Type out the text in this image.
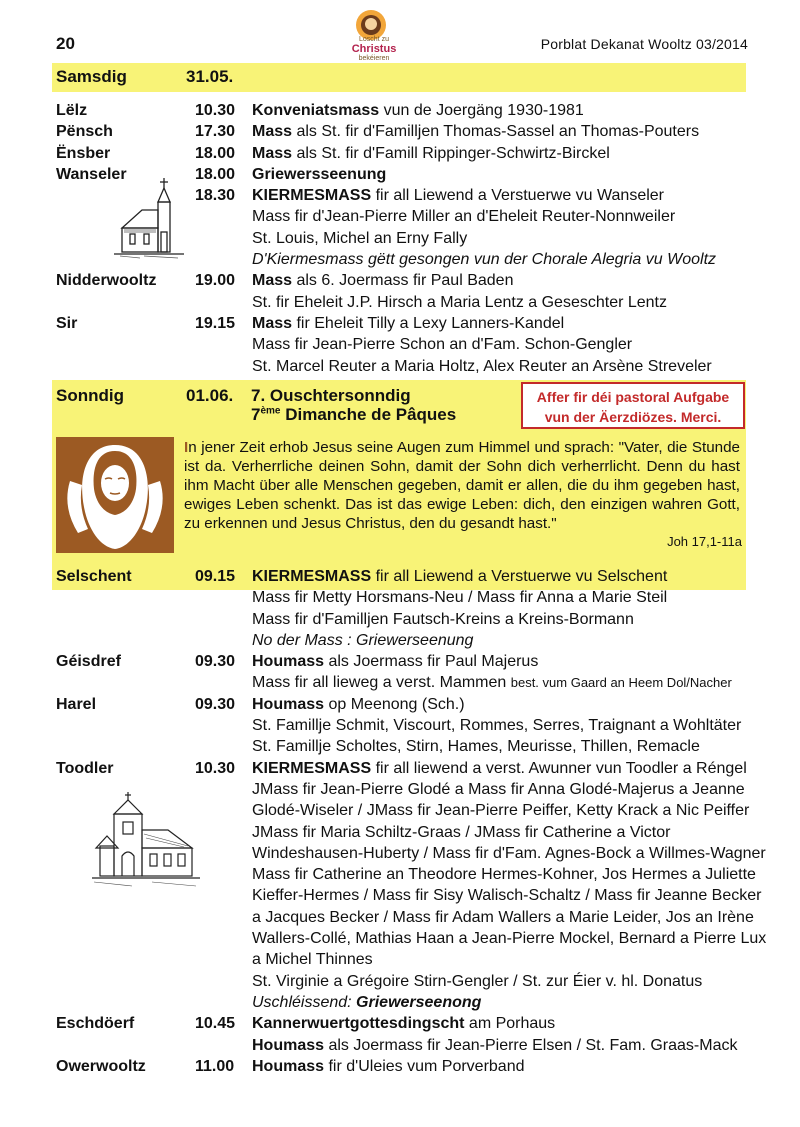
20	Loscht zu
Christus
bekéieren
Porblat Dekanat Wooltz 03/2014
Samsdig	31.05.
Lëlz	10.30 Konveniatsmass vun de Joergäng 1930-1981
Pënsch	17.30 Mass als St. fir d'Familljen Thomas-Sassel an Thomas-Pouters
Ënsber	18.00 Mass als St. fir d'Famill Rippinger-Schwirtz-Birckel
Wanseler	18.00 Griewersseenung
18.30 KIERMESMASS fir all Liewend a Verstuerwe vu Wanseler
Mass fir d'Jean-Pierre Miller an d'Eheleit Reuter-Nonnweiler
St. Louis, Michel an Erny Fally
D'Kiermesmass gëtt gesongen vun der Chorale Alegria vu Wooltz
Nidderwooltz 19.00 Mass als 6. Joermass fir Paul Baden
St. fir Eheleit J.P. Hirsch a Maria Lentz a Geseschter Lentz
Sir	19.15 Mass fir Eheleit Tilly a Lexy Lanners-Kandel
Mass fir Jean-Pierre Schon an d'Fam. Schon-Gengler
St. Marcel Reuter a Maria Holtz, Alex Reuter an Arsène Streveler
Sonndig	01.06. 7. Ouschtersonndig
7ème Dimanche de Pâques
Affer fir déi pastoral Aufgabe vun der Äerzdiözes. Merci.
In jener Zeit erhob Jesus seine Augen zum Himmel und sprach: "Vater, die Stunde ist da. Verherrliche deinen Sohn, damit der Sohn dich verherrlicht. Denn du hast ihm Macht über alle Menschen gegeben, damit er allen, die du ihm gegeben hast, ewiges Leben schenkt. Das ist das ewige Leben: dich, den einzigen wahren Gott, zu erkennen und Jesus Christus, den du gesandt hast."
Joh 17,1-11a
Selschent	09.15 KIERMESMASS fir all Liewend a Verstuerwe vu Selschent
Mass fir Metty Horsmans-Neu / Mass fir Anna a Marie Steil
Mass fir d'Familljen Fautsch-Kreins a Kreins-Bormann
No der Mass : Griewerseenung
Géisdref	09.30 Houmass als Joermass fir Paul Majerus
Mass fir all lieweg a verst. Mammen best. vum Gaard an Heem Dol/Nacher
Harel	09.30 Houmass op Meenong (Sch.)
St. Familljе Schmit, Viscourt, Rommes, Serres, Traignant a Wohltäter
St. Familljе Scholtes, Stirn, Hames, Meurisse, Thillen, Remacle
Toodler	10.30 KIERMESMASS fir all liewend a verst. Awunner vun Toodler a Réngel
JMass fir Jean-Pierre Glodé a Mass fir Anna Glodé-Majerus a Jeanne
Glodé-Wiseler / JMass fir Jean-Pierre Peiffer, Ketty Krack a Nic Peiffer
JMass fir Maria Schiltz-Graas / JMass fir Catherine a Victor
Windeshausen-Huberty / Mass fir d'Fam. Agnes-Bock a Willmes-Wagner
Mass fir Catherine an Theodore Hermes-Kohner, Jos Hermes a Juliette
Kieffer-Hermes / Mass fir Sisy Walisch-Schaltz / Mass fir Jeanne Becker
a Jacques Becker / Mass fir Adam Wallers a Marie Leider, Jos an Irène
Wallers-Collé, Mathias Haan a Jean-Pierre Mockel, Bernard a Pierre Lux
a Michel Thinnes
St. Virginie a Grégoire Stirn-Gengler / St. zur Éier v. hl. Donatus
Uschléissend: Griewerseenong
Eschdöerf	10.45 Kannerwuertgottesdingscht am Porhaus
Houmass als Joermass fir Jean-Pierre Elsen / St. Fam. Graas-Mack
Owerwooltz	11.00 Houmass fir d'Uleies vum Porverband
